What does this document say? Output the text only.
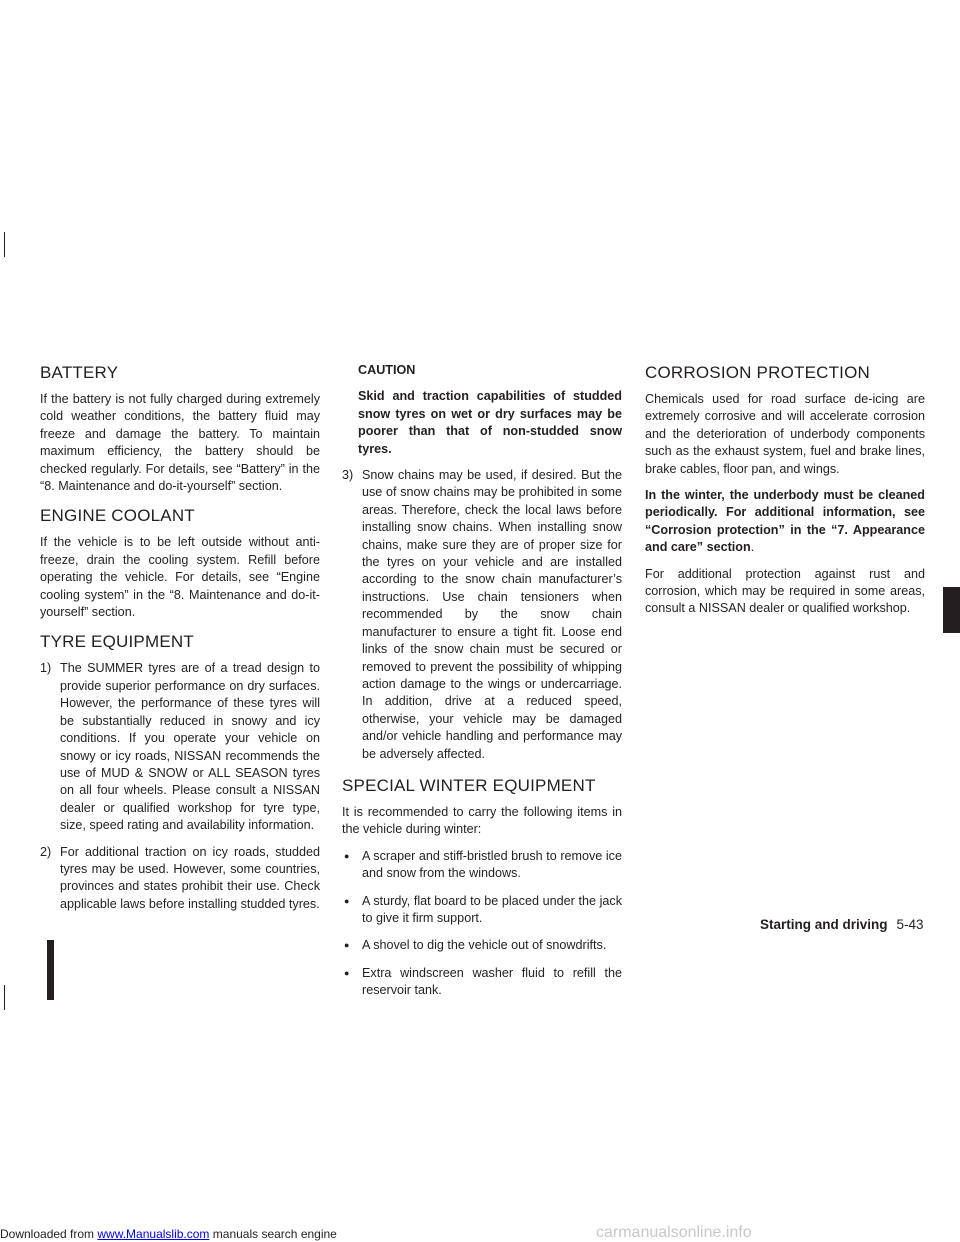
BATTERY

If the battery is not fully charged during extremely cold weather conditions, the battery fluid may freeze and damage the battery. To maintain maximum efficiency, the battery should be checked regularly. For details, see “Battery” in the “8. Maintenance and do-it-yourself” section.

ENGINE COOLANT

If the vehicle is to be left outside without anti-freeze, drain the cooling system. Refill before operating the vehicle. For details, see “Engine cooling system” in the “8. Maintenance and do-it-yourself” section.

TYRE EQUIPMENT
1) The SUMMER tyres are of a tread design to provide superior performance on dry surfaces. However, the performance of these tyres will be substantially reduced in snowy and icy conditions. If you operate your vehicle on snowy or icy roads, NISSAN recommends the use of MUD & SNOW or ALL SEASON tyres on all four wheels. Please consult a NISSAN dealer or qualified workshop for tyre type, size, speed rating and availability information.
2) For additional traction on icy roads, studded tyres may be used. However, some countries, provinces and states prohibit their use. Check applicable laws before installing studded tyres.
CAUTION
Skid and traction capabilities of studded snow tyres on wet or dry surfaces may be poorer than that of non-studded snow tyres.
3) Snow chains may be used, if desired. But the use of snow chains may be prohibited in some areas. Therefore, check the local laws before installing snow chains. When installing snow chains, make sure they are of proper size for the tyres on your vehicle and are installed according to the snow chain manufacturer’s instructions. Use chain tensioners when recommended by the snow chain manufacturer to ensure a tight fit. Loose end links of the snow chain must be secured or removed to prevent the possibility of whipping action damage to the wings or undercarriage. In addition, drive at a reduced speed, otherwise, your vehicle may be damaged and/or vehicle handling and performance may be adversely affected.
SPECIAL WINTER EQUIPMENT

It is recommended to carry the following items in the vehicle during winter:

● A scraper and stiff-bristled brush to remove ice and snow from the windows.
● A sturdy, flat board to be placed under the jack to give it firm support.
● A shovel to dig the vehicle out of snowdrifts.
● Extra windscreen washer fluid to refill the reservoir tank.
CORROSION PROTECTION

Chemicals used for road surface de-icing are extremely corrosive and will accelerate corrosion and the deterioration of underbody components such as the exhaust system, fuel and brake lines, brake cables, floor pan, and wings.

In the winter, the underbody must be cleaned periodically. For additional information, see “Corrosion protection” in the “7. Appearance and care” section.

For additional protection against rust and corrosion, which may be required in some areas, consult a NISSAN dealer or qualified workshop.

Starting and driving 5-43
Downloaded from www.Manualslib.com manuals search engine	carmanualsonline.info
